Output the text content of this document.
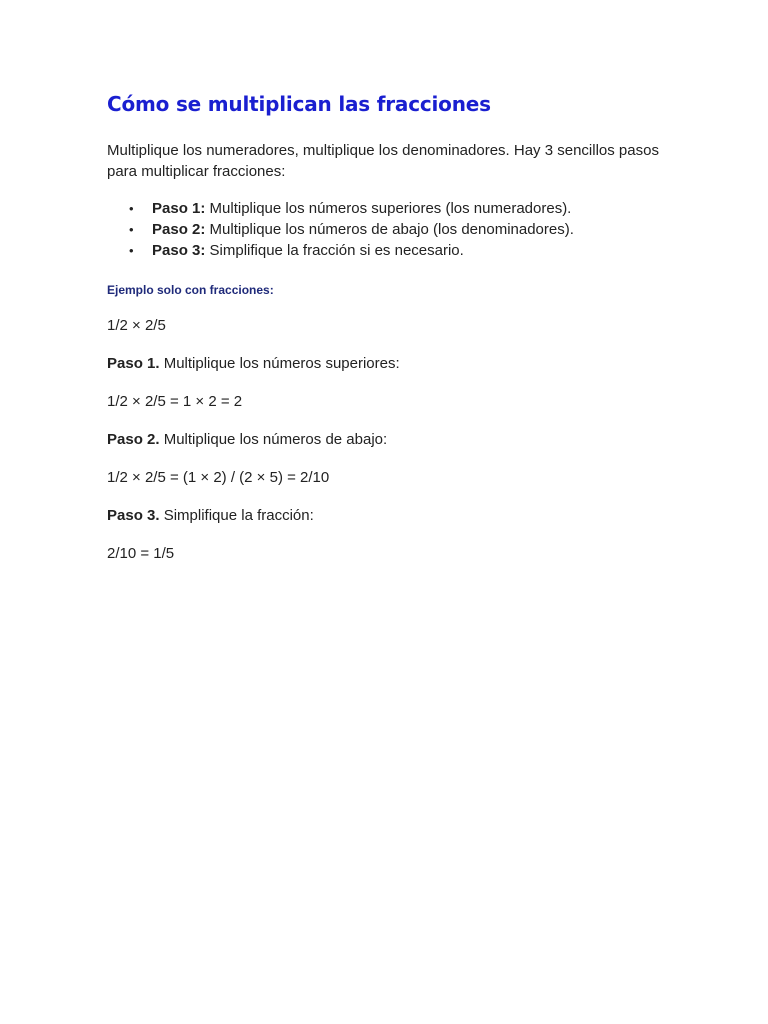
Cómo se multiplican las fracciones

Multiplique los numeradores, multiplique los denominadores. Hay 3 sencillos pasos para multiplicar fracciones:

• Paso 1: Multiplique los números superiores (los numeradores).
• Paso 2: Multiplique los números de abajo (los denominadores).
• Paso 3: Simplifique la fracción si es necesario.

Ejemplo solo con fracciones:

1/2 × 2/5

Paso 1. Multiplique los números superiores:

1/2 × 2/5 = 1 × 2 = 2

Paso 2. Multiplique los números de abajo:

1/2 × 2/5 = (1 × 2) / (2 × 5) = 2/10

Paso 3. Simplifique la fracción:

2/10 = 1/5
